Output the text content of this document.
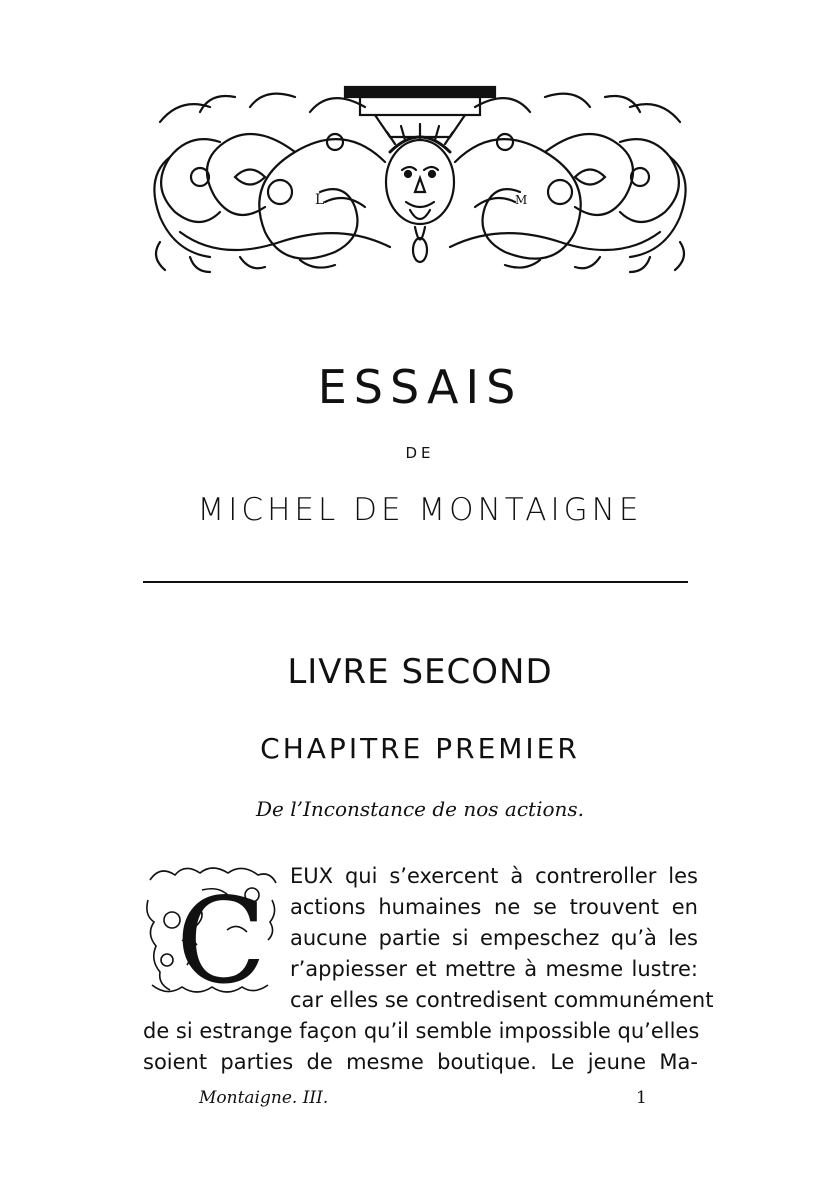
L	M
ESSAIS
DE
MICHEL DE MONTAIGNE
LIVRE SECOND
CHAPITRE PREMIER
De l’Inconstance de nos actions.
C EUX qui s’exercent à contreroller les
actions humaines ne se trouvent en
aucune partie si empeschez qu’à les
r’appiesser et mettre à mesme lustre:
car elles se contredisent communément
de si estrange façon qu’il semble impossible qu’elles
soient parties de mesme boutique. Le jeune Ma-
Montaigne. III.	1
